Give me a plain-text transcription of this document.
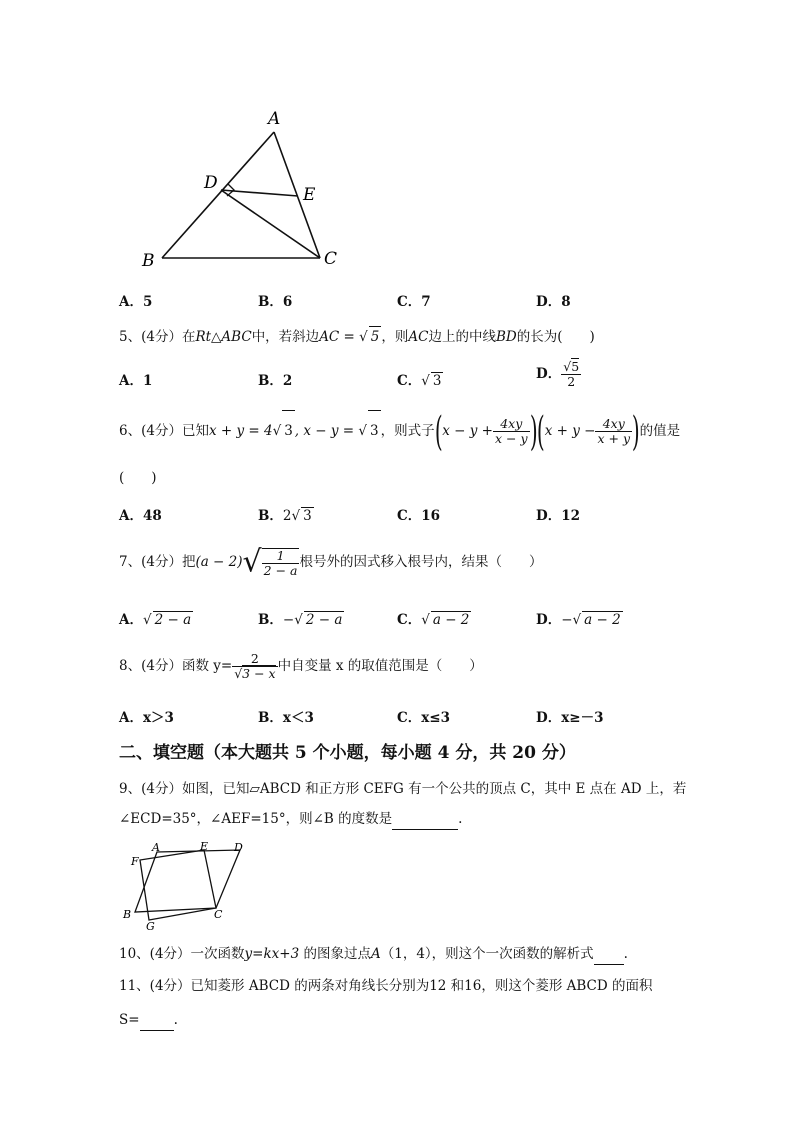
A
D
E
B	C
A．5	B．6	C．7	D．8
5、(4分）在Rt△ABC中，若斜边AC = √ 5 ，则AC边上的中线BD的长为(　　)
A．1	B．2	C．√ 3	D． $\frac{√5}{2}$
6、(4分）已知x + y = 4√ 3 , x − y = √ 3 ，则式子$(x - y + \frac{4xy}{x - y} )(x + y - \frac{4xy}{x + y}$ )的值是
(　　)
A．48	B．2√ 3	C．16	D．12
7、(4分）把$(a - 2)√ \frac{1}{2 - a}$ 根号外的因式移入根号内，结果（　　）
A．√ 2 − a	B．−√ 2 − a	C．√ a − 2	D．−√ a − 2
8、(4分）函数 $y= \frac{2}{√3 - x}$ 中自变量 x 的取值范围是（　　）
A．x＞3	B．x＜3	C．x≤3	D．x≥－3
二、填空题（本大题共 5 个小题，每小题 4 分，共 20 分）
9、(4分）如图，已知▱ABCD 和正方形 CEFG 有一个公共的顶点 C，其中 E 点在 AD 上，若
∠ECD=35°，∠AEF=15°，则∠B 的度数是	.
A	E D
F
B
G
C
10、(4分）一次函数y=kx+3 的图象过点A（1，4），则这个一次函数的解析式 .
11、(4分）已知菱形 ABCD 的两条对角线长分别为12 和16，则这个菱形 ABCD 的面积
S=	.
